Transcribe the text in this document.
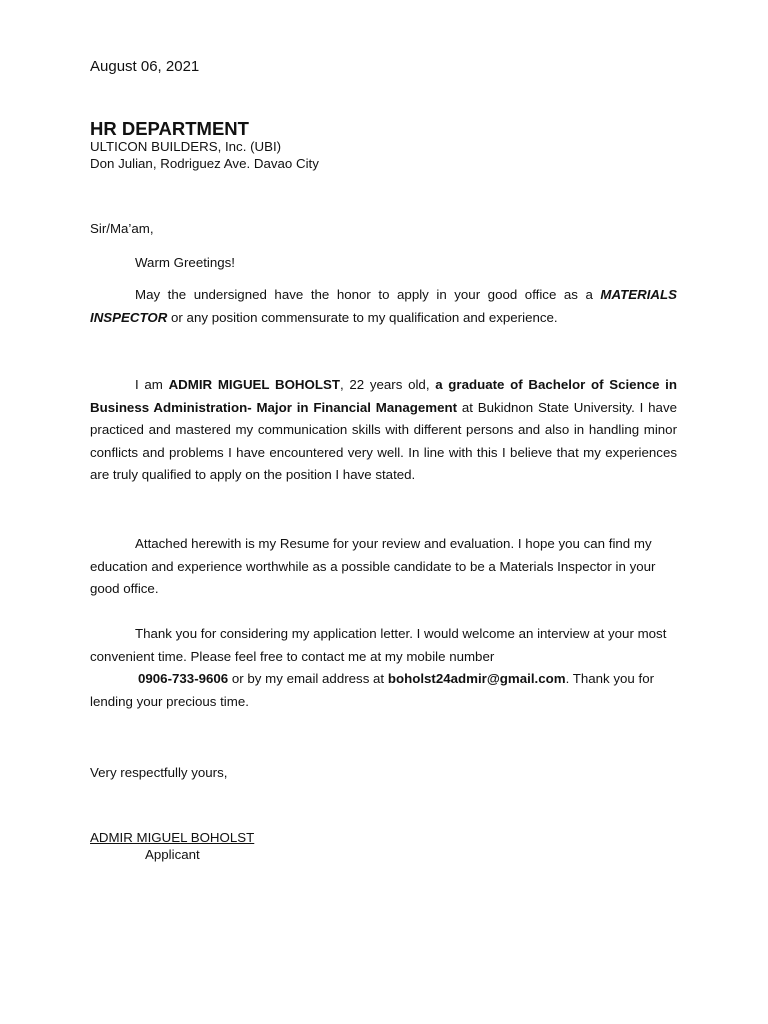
August 06, 2021
HR DEPARTMENT
ULTICON BUILDERS, Inc. (UBI)
Don Julian, Rodriguez Ave. Davao City
Sir/Ma’am,
Warm Greetings!

May the undersigned have the honor to apply in your good office as a MATERIALS INSPECTOR or any position commensurate to my qualification and experience.

I am ADMIR MIGUEL BOHOLST, 22 years old, a graduate of Bachelor of Science in Business Administration- Major in Financial Management at Bukidnon State University. I have practiced and mastered my communication skills with different persons and also in handling minor conflicts and problems I have encountered very well. In line with this I believe that my experiences are truly qualified to apply on the position I have stated.

Attached herewith is my Resume for your review and evaluation. I hope you can find my education and experience worthwhile as a possible candidate to be a Materials Inspector in your good office.

Thank you for considering my application letter. I would welcome an interview at your most convenient time. Please feel free to contact me at my mobile number
0906-733-9606 or by my email address at boholst24admir@gmail.com. Thank you for lending your precious time.

Very respectfully yours,
ADMIR MIGUEL BOHOLST
Applicant
